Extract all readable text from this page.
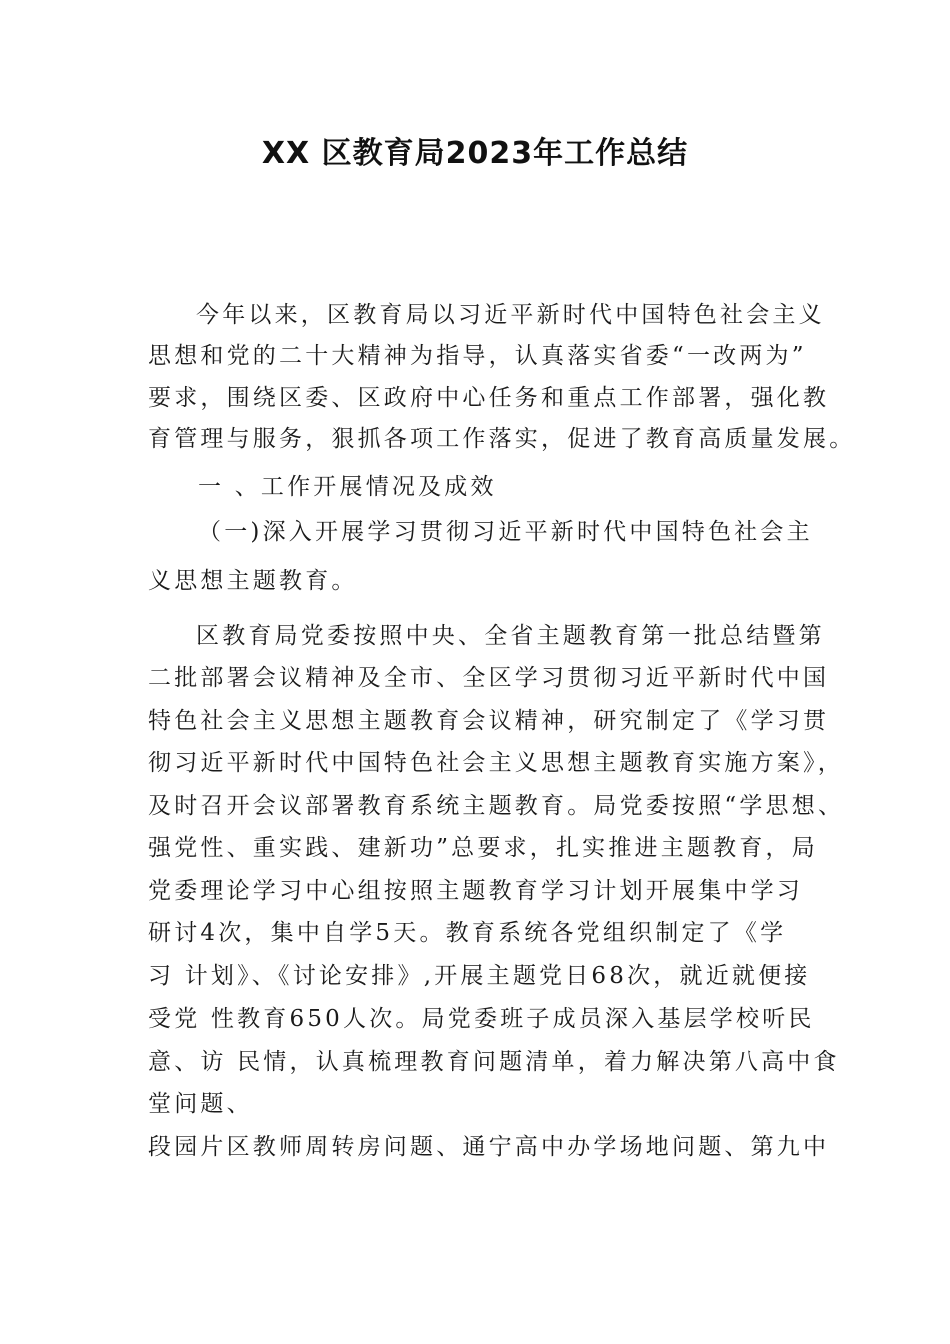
XX 区教育局2023年工作总结
今年以来，区教育局以习近平新时代中国特色社会主义
思想和党的二十大精神为指导，认真落实省委“一改两为”
要求，围绕区委、区政府中心任务和重点工作部署，强化教
育管理与服务，狠抓各项工作落实，促进了教育高质量发展。
一 、工作开展情况及成效
（一)深入开展学习贯彻习近平新时代中国特色社会主
义思想主题教育。
区教育局党委按照中央、全省主题教育第一批总结暨第
二批部署会议精神及全市、全区学习贯彻习近平新时代中国
特色社会主义思想主题教育会议精神，研究制定了《学习贯
彻习近平新时代中国特色社会主义思想主题教育实施方案》，
及时召开会议部署教育系统主题教育。局党委按照“学思想、
强党性、重实践、建新功”总要求，扎实推进主题教育，局
党委理论学习中心组按照主题教育学习计划开展集中学习
研讨4次，集中自学5天。教育系统各党组织制定了《学
习 计划》、《讨论安排》,开展主题党日68次，就近就便接
受党 性教育650人次。局党委班子成员深入基层学校听民
意、访 民情，认真梳理教育问题清单，着力解决第八高中食
堂问题、
段园片区教师周转房问题、通宁高中办学场地问题、第九中
